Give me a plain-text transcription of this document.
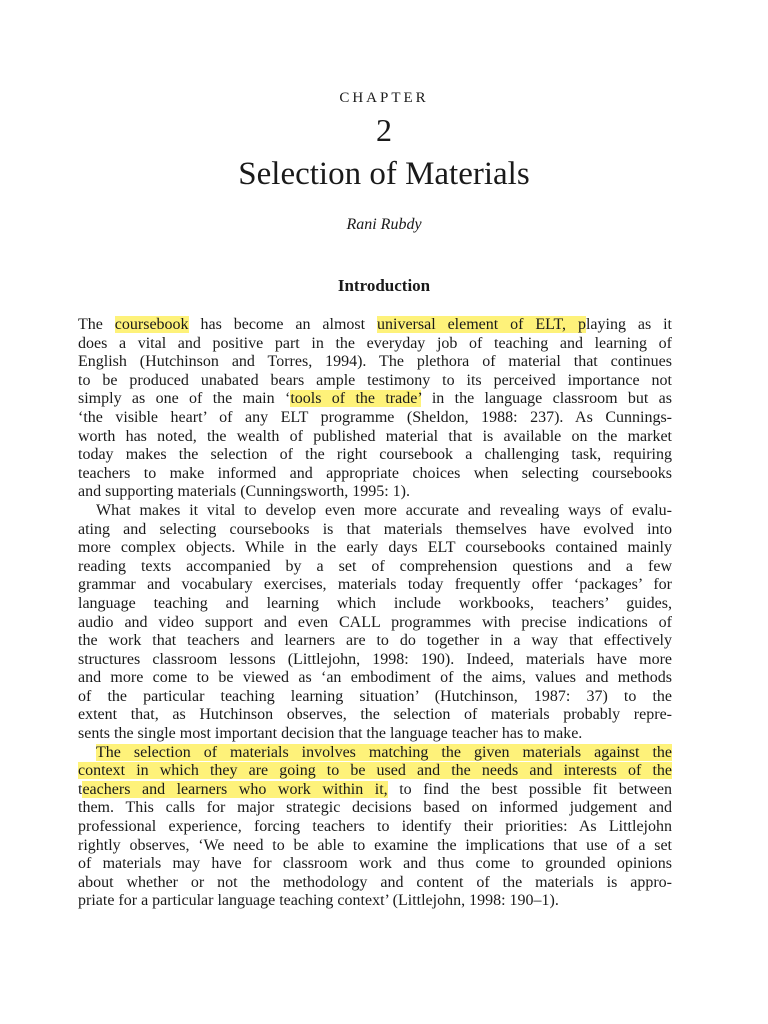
CHAPTER
2
Selection of Materials
Rani Rubdy
Introduction
The coursebook has become an almost universal element of ELT, playing as it
does a vital and positive part in the everyday job of teaching and learning of
English (Hutchinson and Torres, 1994). The plethora of material that continues
to be produced unabated bears ample testimony to its perceived importance not
simply as one of the main ‘tools of the trade’ in the language classroom but as
‘the visible heart’ of any ELT programme (Sheldon, 1988: 237). As Cunnings-
worth has noted, the wealth of published material that is available on the market
today makes the selection of the right coursebook a challenging task, requiring
teachers to make informed and appropriate choices when selecting coursebooks
and supporting materials (Cunningsworth, 1995: 1).
What makes it vital to develop even more accurate and revealing ways of evalu-
ating and selecting coursebooks is that materials themselves have evolved into
more complex objects. While in the early days ELT coursebooks contained mainly
reading texts accompanied by a set of comprehension questions and a few
grammar and vocabulary exercises, materials today frequently offer ‘packages’ for
language teaching and learning which include workbooks, teachers’ guides,
audio and video support and even CALL programmes with precise indications of
the work that teachers and learners are to do together in a way that effectively
structures classroom lessons (Littlejohn, 1998: 190). Indeed, materials have more
and more come to be viewed as ‘an embodiment of the aims, values and methods
of the particular teaching learning situation’ (Hutchinson, 1987: 37) to the
extent that, as Hutchinson observes, the selection of materials probably repre-
sents the single most important decision that the language teacher has to make.
The selection of materials involves matching the given materials against the
context in which they are going to be used and the needs and interests of the
teachers and learners who work within it, to find the best possible fit between
them. This calls for major strategic decisions based on informed judgement and
professional experience, forcing teachers to identify their priorities: As Littlejohn
rightly observes, ‘We need to be able to examine the implications that use of a set
of materials may have for classroom work and thus come to grounded opinions
about whether or not the methodology and content of the materials is appro-
priate for a particular language teaching context’ (Littlejohn, 1998: 190–1).
